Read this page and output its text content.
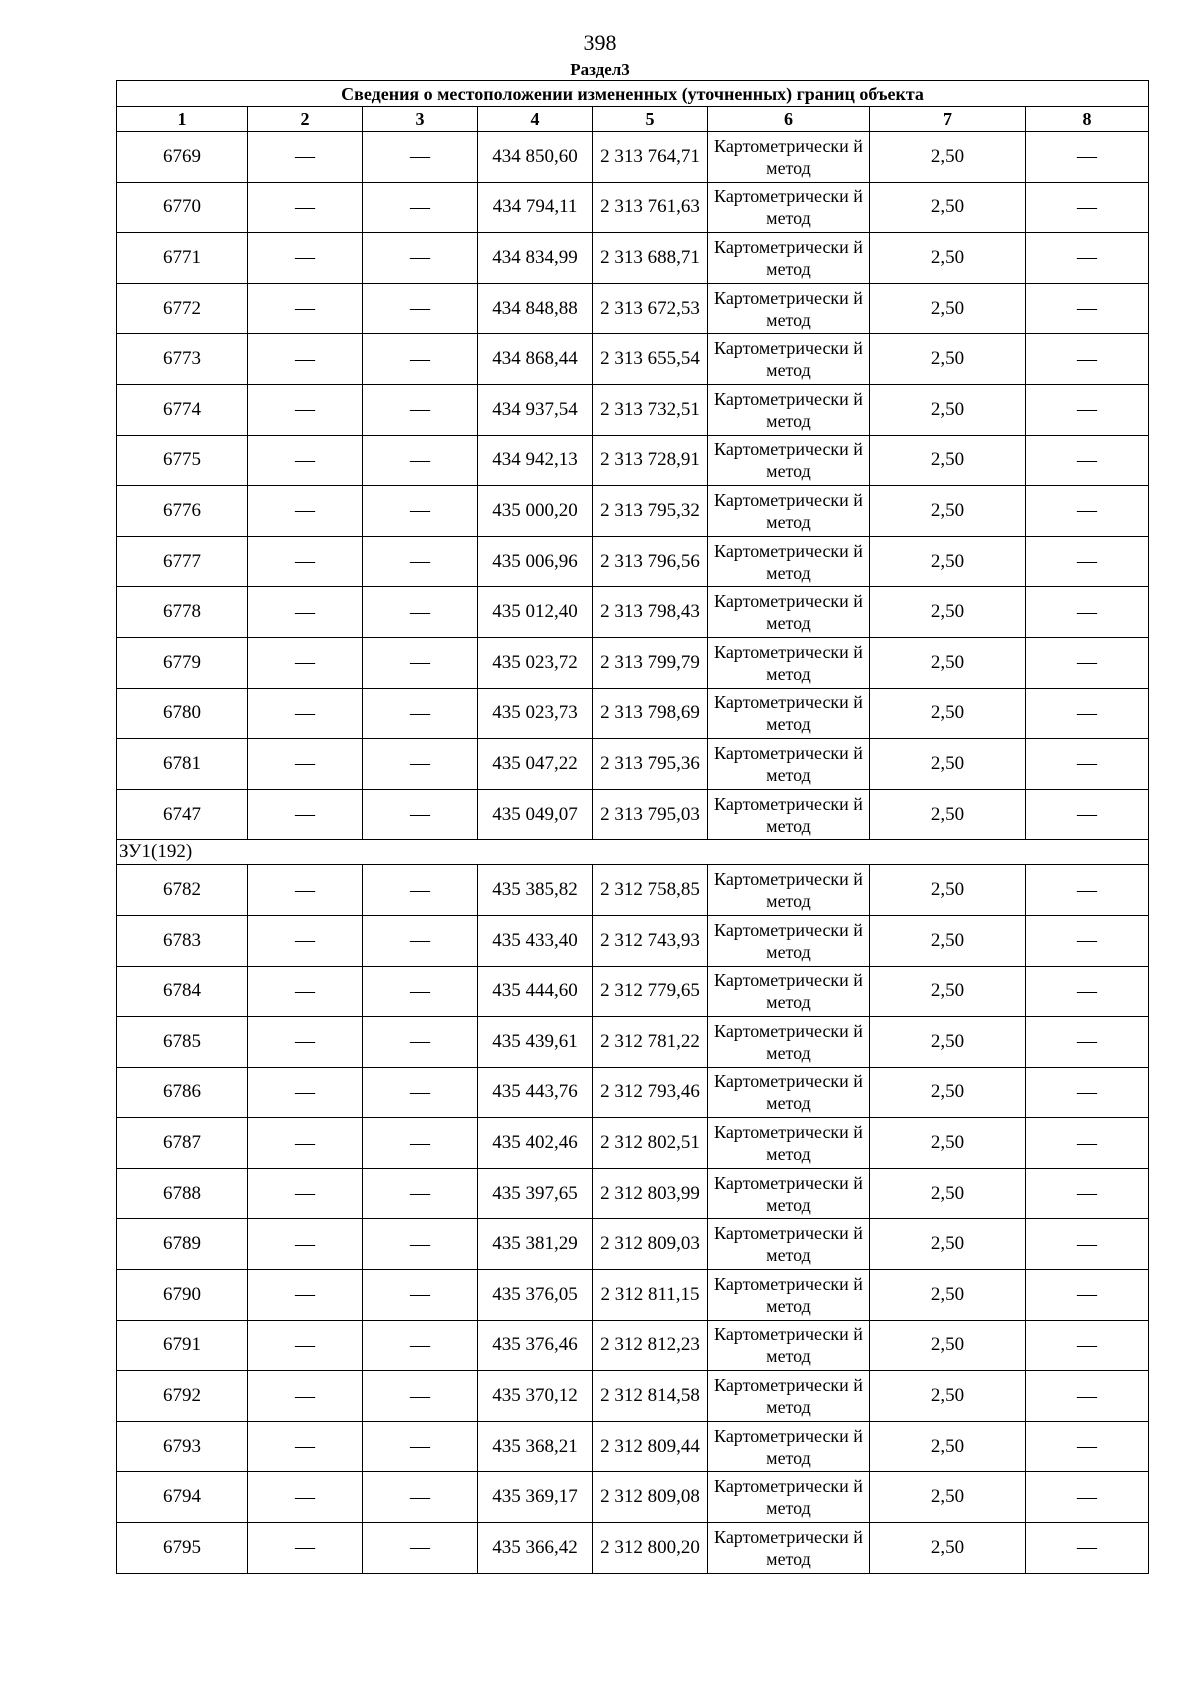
398
Раздел3
Сведения о местоположении измененных (уточненных) границ объекта							
1	2	3	4	5	6	7	8
6769	—	—	434 850,60	2 313 764,71	Картометрически й метод	2,50	—
6770	—	—	434 794,11	2 313 761,63	Картометрически й метод	2,50	—
6771	—	—	434 834,99	2 313 688,71	Картометрически й метод	2,50	—
6772	—	—	434 848,88	2 313 672,53	Картометрически й метод	2,50	—
6773	—	—	434 868,44	2 313 655,54	Картометрически й метод	2,50	—
6774	—	—	434 937,54	2 313 732,51	Картометрически й метод	2,50	—
6775	—	—	434 942,13	2 313 728,91	Картометрически й метод	2,50	—
6776	—	—	435 000,20	2 313 795,32	Картометрически й метод	2,50	—
6777	—	—	435 006,96	2 313 796,56	Картометрически й метод	2,50	—
6778	—	—	435 012,40	2 313 798,43	Картометрически й метод	2,50	—
6779	—	—	435 023,72	2 313 799,79	Картометрически й метод	2,50	—
6780	—	—	435 023,73	2 313 798,69	Картометрически й метод	2,50	—
6781	—	—	435 047,22	2 313 795,36	Картометрически й метод	2,50	—
6747	—	—	435 049,07	2 313 795,03	Картометрически й метод	2,50	—
ЗУ1(192)							
6782	—	—	435 385,82	2 312 758,85	Картометрически й метод	2,50	—
6783	—	—	435 433,40	2 312 743,93	Картометрически й метод	2,50	—
6784	—	—	435 444,60	2 312 779,65	Картометрически й метод	2,50	—
6785	—	—	435 439,61	2 312 781,22	Картометрически й метод	2,50	—
6786	—	—	435 443,76	2 312 793,46	Картометрически й метод	2,50	—
6787	—	—	435 402,46	2 312 802,51	Картометрически й метод	2,50	—
6788	—	—	435 397,65	2 312 803,99	Картометрически й метод	2,50	—
6789	—	—	435 381,29	2 312 809,03	Картометрически й метод	2,50	—
6790	—	—	435 376,05	2 312 811,15	Картометрически й метод	2,50	—
6791	—	—	435 376,46	2 312 812,23	Картометрически й метод	2,50	—
6792	—	—	435 370,12	2 312 814,58	Картометрически й метод	2,50	—
6793	—	—	435 368,21	2 312 809,44	Картометрически й метод	2,50	—
6794	—	—	435 369,17	2 312 809,08	Картометрически й метод	2,50	—
6795	—	—	435 366,42	2 312 800,20	Картометрически й метод	2,50	—
